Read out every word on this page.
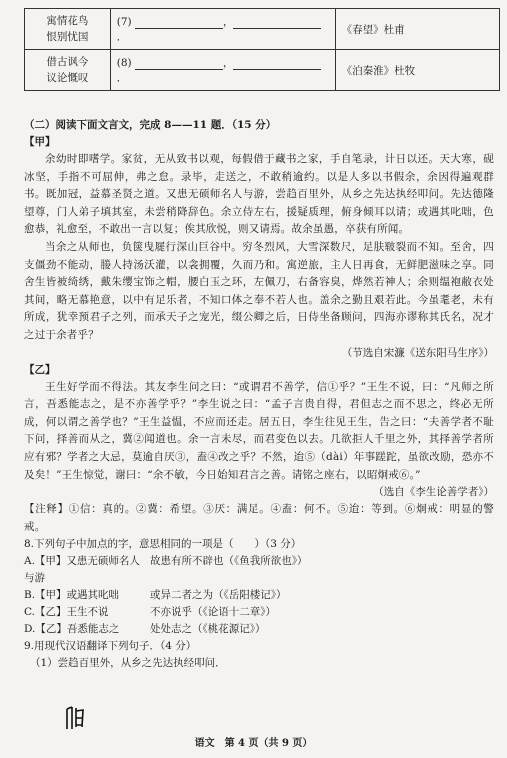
寓情花鸟
恨别忧国	(7) ，．	《春望》杜甫
借古讽今
议论慨叹	(8) ，．	《泊秦淮》杜牧
（二）阅读下面文言文，完成 8——11 题．（15 分）
【甲】
余幼时即嗜学。家贫，无从致书以观，每假借于藏书之家，手自笔录，计日以还。天大寒，砚冰坚，手指不可屈伸，弗之怠。录毕，走送之，不敢稍逾约。以是人多以书假余，余因得遍观群书。既加冠，益慕圣贤之道。又患无硕师名人与游，尝趋百里外，从乡之先达执经叩问。先达德隆望尊，门人弟子填其室，未尝稍降辞色。余立侍左右，援疑质理，俯身倾耳以请；或遇其叱咄，色愈恭，礼愈至，不敢出一言以复；俟其欣悦，则又请焉。故余虽愚，卒获有所闻。
当余之从师也，负箧曳屣行深山巨谷中。穷冬烈风，大雪深数尺，足肤皲裂而不知。至舍，四支僵劲不能动，媵人持汤沃灌，以衾拥覆，久而乃和。寓逆旅，主人日再食，无鲜肥滋味之享。同舍生皆被绮绣，戴朱缨宝饰之帽，腰白玉之环，左佩刀，右备容臭，烨然若神人；余则缊袍敝衣处其间，略无慕艳意，以中有足乐者，不知口体之奉不若人也。盖余之勤且艰若此。今虽耄老，未有所成，犹幸预君子之列，而承天子之宠光，缀公卿之后，日侍坐备顾问，四海亦谬称其氏名，况才之过于余者乎？
（节选自宋濂《送东阳马生序》）
【乙】
王生好学而不得法。其友李生问之曰：“或谓君不善学，信①乎？”王生不说，曰：“凡师之所言，吾悉能志之，是不亦善学乎？”李生说之曰：“孟子言贵自得，君但志之而不思之，终必无所成，何以谓之善学也？”王生益愠，不应而还走。居五日，李生往见王生，告之曰：“夫善学者不耻下问，择善而从之，冀②闻道也。余一言未尽，而君变色以去。几欲拒人千里之外，其择善学者所应有邪？学者之大忌，莫逾自厌③，盍④改之乎？不然，迨⑤（dài）年事蹉跎，虽欲改励，恐亦不及矣！”王生惊觉，谢曰：“余不敏，今日始知君言之善。请铭之座右，以昭炯戒⑥。”
（选自《李生论善学者》）
【注释】①信：真的。②冀：希望。③厌：满足。④盍：何不。⑤迨：等到。⑥炯戒：明显的警戒。
8.下列句子中加点的字，意思相同的一项是（　　）（3 分）
A.【甲】又患无硕师名人与游
故患有所不辟也（《鱼我所欲也》）
B.【甲】或遇其叱咄	或异二者之为（《岳阳楼记》）
C.【乙】王生不说	不亦说乎（《论语十二章》）
D.【乙】吾悉能志之	处处志之（《桃花源记》）
9.用现代汉语翻译下列句子．（4 分）
（1）尝趋百里外，从乡之先达执经叩问．
语文　第 4 页（共 9 页）
